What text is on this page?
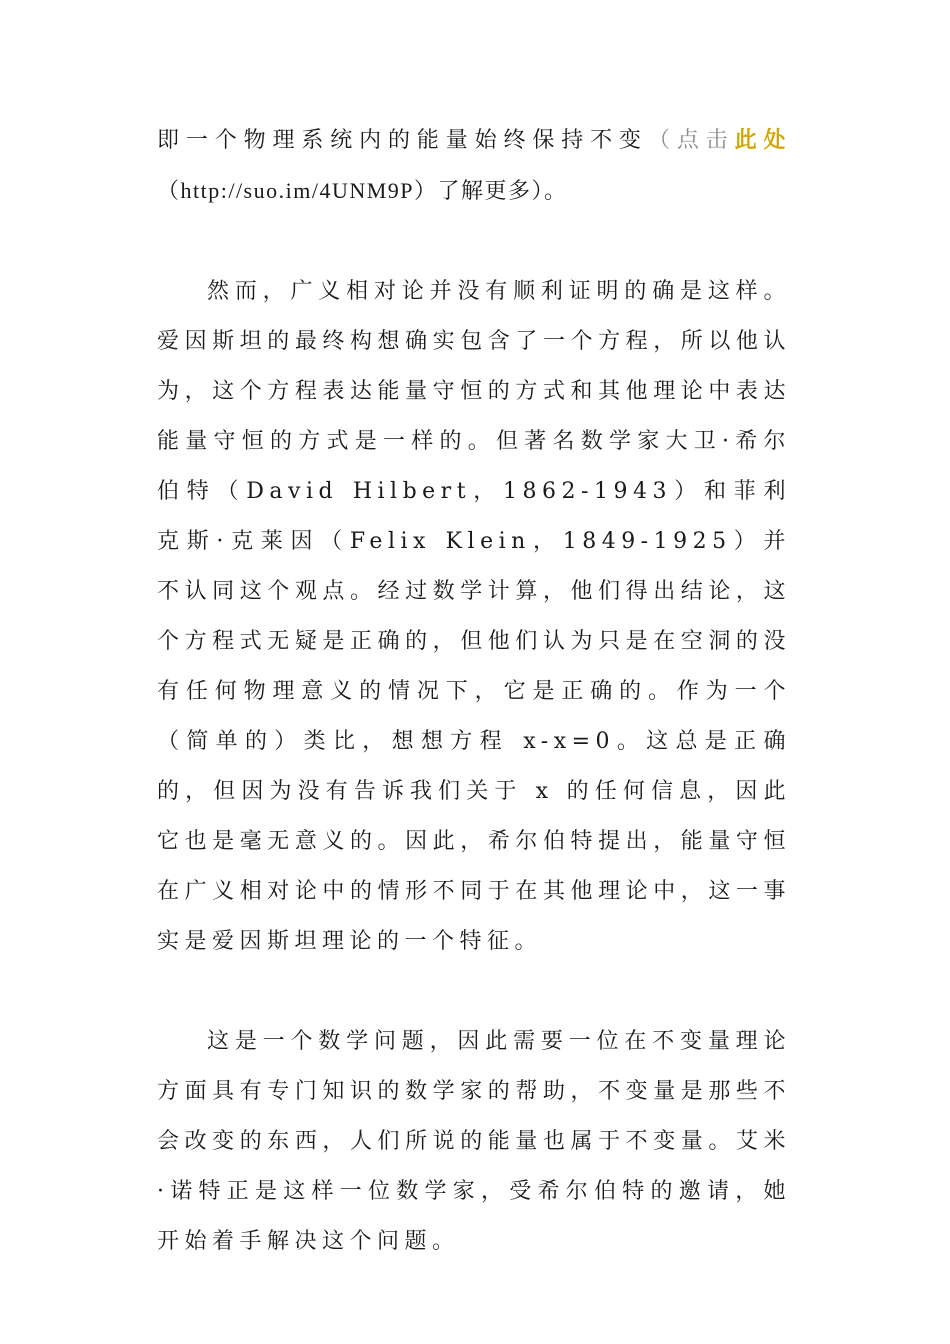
即一个物理系统内的能量始终保持不变（点击此处（http://suo.im/4UNM9P）了解更多）。

然而，广义相对论并没有顺利证明的确是这样。爱因斯坦的最终构想确实包含了一个方程，所以他认为，这个方程表达能量守恒的方式和其他理论中表达能量守恒的方式是一样的。但著名数学家大卫·希尔伯特（David Hilbert，1862-1943）和菲利克斯·克莱因（Felix Klein，1849-1925）并不认同这个观点。经过数学计算，他们得出结论，这个方程式无疑是正确的，但他们认为只是在空洞的没有任何物理意义的情况下，它是正确的。作为一个（简单的）类比，想想方程 x-x=0。这总是正确的，但因为没有告诉我们关于 x 的任何信息，因此它也是毫无意义的。因此，希尔伯特提出，能量守恒在广义相对论中的情形不同于在其他理论中，这一事实是爱因斯坦理论的一个特征。

这是一个数学问题，因此需要一位在不变量理论方面具有专门知识的数学家的帮助，不变量是那些不会改变的东西，人们所说的能量也属于不变量。艾米·诺特正是这样一位数学家，受希尔伯特的邀请，她开始着手解决这个问题。
